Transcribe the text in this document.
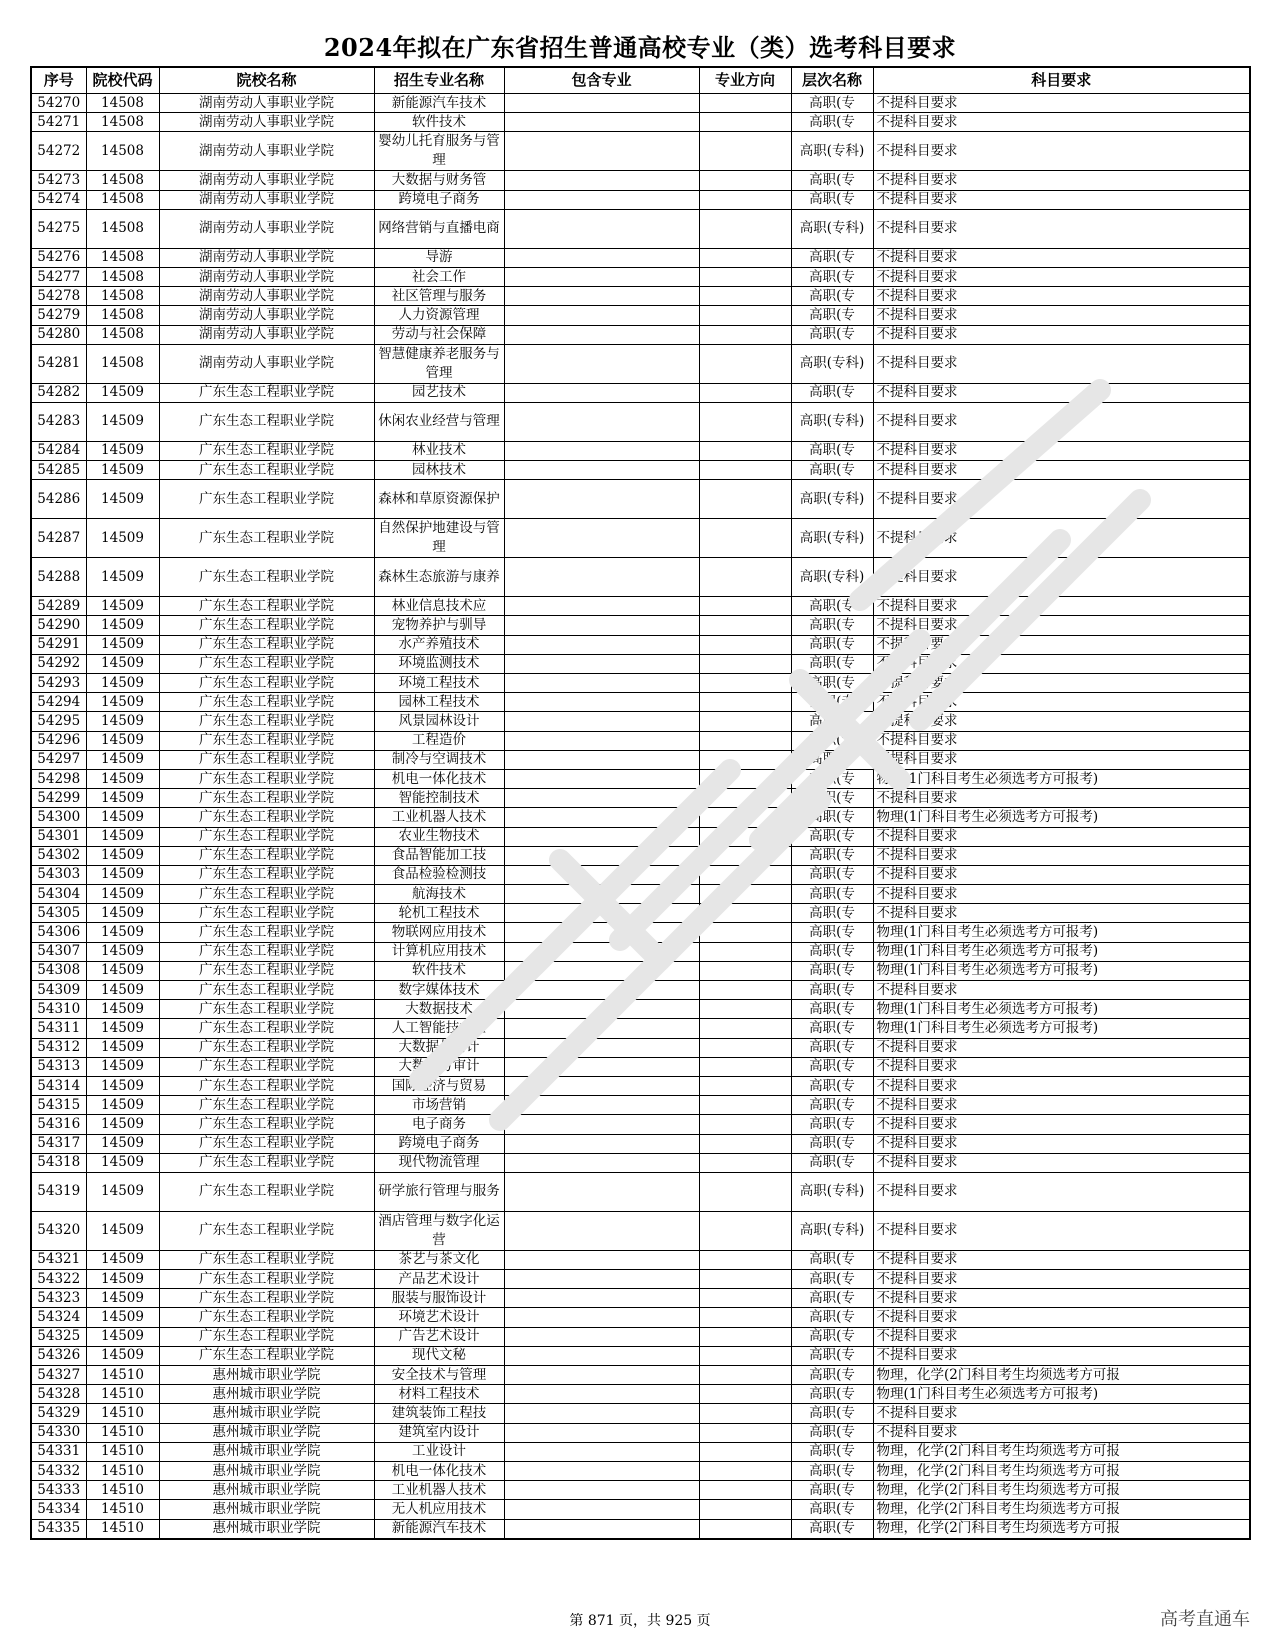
2024年拟在广东省招生普通高校专业（类）选考科目要求
序号	院校代码	院校名称	招生专业名称	包含专业	专业方向	层次名称	科目要求
54270	14508	湖南劳动人事职业学院	新能源汽车技术			高职(专	不提科目要求
54271	14508	湖南劳动人事职业学院	软件技术			高职(专	不提科目要求
54272	14508	湖南劳动人事职业学院	婴幼儿托育服务与管理			高职(专科)	不提科目要求
54273	14508	湖南劳动人事职业学院	大数据与财务管			高职(专	不提科目要求
54274	14508	湖南劳动人事职业学院	跨境电子商务			高职(专	不提科目要求
54275	14508	湖南劳动人事职业学院	网络营销与直播电商			高职(专科)	不提科目要求
54276	14508	湖南劳动人事职业学院	导游			高职(专	不提科目要求
54277	14508	湖南劳动人事职业学院	社会工作			高职(专	不提科目要求
54278	14508	湖南劳动人事职业学院	社区管理与服务			高职(专	不提科目要求
54279	14508	湖南劳动人事职业学院	人力资源管理			高职(专	不提科目要求
54280	14508	湖南劳动人事职业学院	劳动与社会保障			高职(专	不提科目要求
54281	14508	湖南劳动人事职业学院	智慧健康养老服务与管理			高职(专科)	不提科目要求
54282	14509	广东生态工程职业学院	园艺技术			高职(专	不提科目要求
54283	14509	广东生态工程职业学院	休闲农业经营与管理			高职(专科)	不提科目要求
54284	14509	广东生态工程职业学院	林业技术			高职(专	不提科目要求
54285	14509	广东生态工程职业学院	园林技术			高职(专	不提科目要求
54286	14509	广东生态工程职业学院	森林和草原资源保护			高职(专科)	不提科目要求
54287	14509	广东生态工程职业学院	自然保护地建设与管理			高职(专科)	不提科目要求
54288	14509	广东生态工程职业学院	森林生态旅游与康养			高职(专科)	不提科目要求
54289	14509	广东生态工程职业学院	林业信息技术应			高职(专	不提科目要求
54290	14509	广东生态工程职业学院	宠物养护与驯导			高职(专	不提科目要求
54291	14509	广东生态工程职业学院	水产养殖技术			高职(专	不提科目要求
54292	14509	广东生态工程职业学院	环境监测技术			高职(专	不提科目要求
54293	14509	广东生态工程职业学院	环境工程技术			高职(专	不提科目要求
54294	14509	广东生态工程职业学院	园林工程技术			高职(专	不提科目要求
54295	14509	广东生态工程职业学院	风景园林设计			高职(专	不提科目要求
54296	14509	广东生态工程职业学院	工程造价			高职(专	不提科目要求
54297	14509	广东生态工程职业学院	制冷与空调技术			高职(专	不提科目要求
54298	14509	广东生态工程职业学院	机电一体化技术			高职(专	物理(1门科目考生必须选考方可报考)
54299	14509	广东生态工程职业学院	智能控制技术			高职(专	不提科目要求
54300	14509	广东生态工程职业学院	工业机器人技术			高职(专	物理(1门科目考生必须选考方可报考)
54301	14509	广东生态工程职业学院	农业生物技术			高职(专	不提科目要求
54302	14509	广东生态工程职业学院	食品智能加工技			高职(专	不提科目要求
54303	14509	广东生态工程职业学院	食品检验检测技			高职(专	不提科目要求
54304	14509	广东生态工程职业学院	航海技术			高职(专	不提科目要求
54305	14509	广东生态工程职业学院	轮机工程技术			高职(专	不提科目要求
54306	14509	广东生态工程职业学院	物联网应用技术			高职(专	物理(1门科目考生必须选考方可报考)
54307	14509	广东生态工程职业学院	计算机应用技术			高职(专	物理(1门科目考生必须选考方可报考)
54308	14509	广东生态工程职业学院	软件技术			高职(专	物理(1门科目考生必须选考方可报考)
54309	14509	广东生态工程职业学院	数字媒体技术			高职(专	不提科目要求
54310	14509	广东生态工程职业学院	大数据技术			高职(专	物理(1门科目考生必须选考方可报考)
54311	14509	广东生态工程职业学院	人工智能技术应			高职(专	物理(1门科目考生必须选考方可报考)
54312	14509	广东生态工程职业学院	大数据与会计			高职(专	不提科目要求
54313	14509	广东生态工程职业学院	大数据与审计			高职(专	不提科目要求
54314	14509	广东生态工程职业学院	国际经济与贸易			高职(专	不提科目要求
54315	14509	广东生态工程职业学院	市场营销			高职(专	不提科目要求
54316	14509	广东生态工程职业学院	电子商务			高职(专	不提科目要求
54317	14509	广东生态工程职业学院	跨境电子商务			高职(专	不提科目要求
54318	14509	广东生态工程职业学院	现代物流管理			高职(专	不提科目要求
54319	14509	广东生态工程职业学院	研学旅行管理与服务			高职(专科)	不提科目要求
54320	14509	广东生态工程职业学院	酒店管理与数字化运营			高职(专科)	不提科目要求
54321	14509	广东生态工程职业学院	茶艺与茶文化			高职(专	不提科目要求
54322	14509	广东生态工程职业学院	产品艺术设计			高职(专	不提科目要求
54323	14509	广东生态工程职业学院	服装与服饰设计			高职(专	不提科目要求
54324	14509	广东生态工程职业学院	环境艺术设计			高职(专	不提科目要求
54325	14509	广东生态工程职业学院	广告艺术设计			高职(专	不提科目要求
54326	14509	广东生态工程职业学院	现代文秘			高职(专	不提科目要求
54327	14510	惠州城市职业学院	安全技术与管理			高职(专	物理，化学(2门科目考生均须选考方可报
54328	14510	惠州城市职业学院	材料工程技术			高职(专	物理(1门科目考生必须选考方可报考)
54329	14510	惠州城市职业学院	建筑装饰工程技			高职(专	不提科目要求
54330	14510	惠州城市职业学院	建筑室内设计			高职(专	不提科目要求
54331	14510	惠州城市职业学院	工业设计			高职(专	物理，化学(2门科目考生均须选考方可报
54332	14510	惠州城市职业学院	机电一体化技术			高职(专	物理，化学(2门科目考生均须选考方可报
54333	14510	惠州城市职业学院	工业机器人技术			高职(专	物理，化学(2门科目考生均须选考方可报
54334	14510	惠州城市职业学院	无人机应用技术			高职(专	物理，化学(2门科目考生均须选考方可报
54335	14510	惠州城市职业学院	新能源汽车技术			高职(专	物理，化学(2门科目考生均须选考方可报
第 871 页，共 925 页	高考直通车
